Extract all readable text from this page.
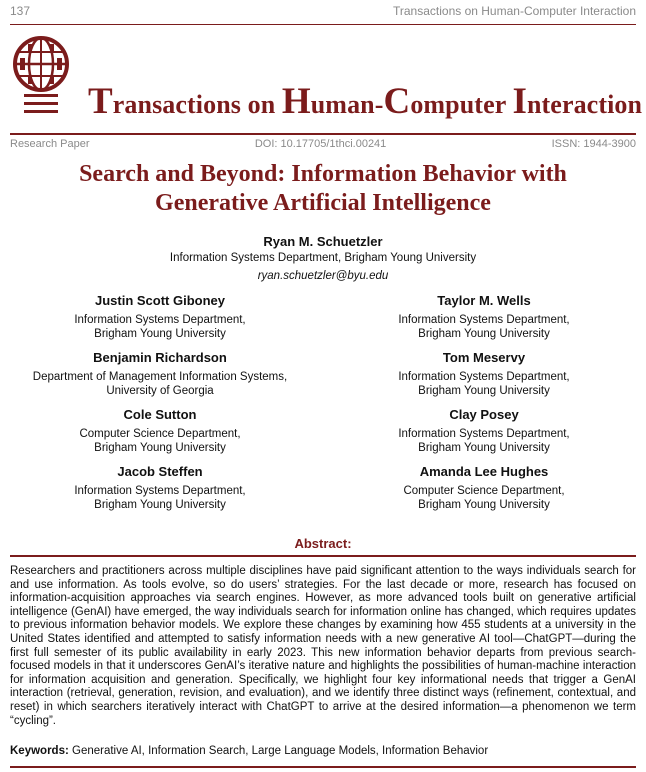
137	Transactions on Human-Computer Interaction
Transactions on Human-Computer Interaction
Research Paper	DOI: 10.17705/1thci.00241	ISSN: 1944-3900
Search and Beyond: Information Behavior with
Generative Artificial Intelligence
Ryan M. Schuetzler
Information Systems Department, Brigham Young University
ryan.schuetzler@byu.edu
Justin Scott Giboney
Information Systems Department,
Brigham Young University
Benjamin Richardson
Department of Management Information Systems,
University of Georgia
Cole Sutton
Computer Science Department,
Brigham Young University
Jacob Steffen
Information Systems Department,
Brigham Young University
Taylor M. Wells
Information Systems Department,
Brigham Young University
Tom Meservy
Information Systems Department,
Brigham Young University
Clay Posey
Information Systems Department,
Brigham Young University
Amanda Lee Hughes
Computer Science Department,
Brigham Young University
Abstract:
Researchers and practitioners across multiple disciplines have paid significant attention to the ways individuals search for and use information. As tools evolve, so do users’ strategies. For the last decade or more, research has focused on information-acquisition approaches via search engines. However, as more advanced tools built on generative artificial intelligence (GenAI) have emerged, the way individuals search for information online has changed, which requires updates to previous information behavior models. We explore these changes by examining how 455 students at a university in the United States identified and attempted to satisfy information needs with a new generative AI tool—ChatGPT—during the first full semester of its public availability in early 2023. This new information behavior departs from previous search-focused models in that it underscores GenAI’s iterative nature and highlights the possibilities of human-machine interaction for information acquisition and generation. Specifically, we highlight four key informational needs that trigger a GenAI interaction (retrieval, generation, revision, and evaluation), and we identify three distinct ways (refinement, contextual, and reset) in which searchers iteratively interact with ChatGPT to arrive at the desired information—a phenomenon we term “cycling”.
Keywords: Generative AI, Information Search, Large Language Models, Information Behavior
